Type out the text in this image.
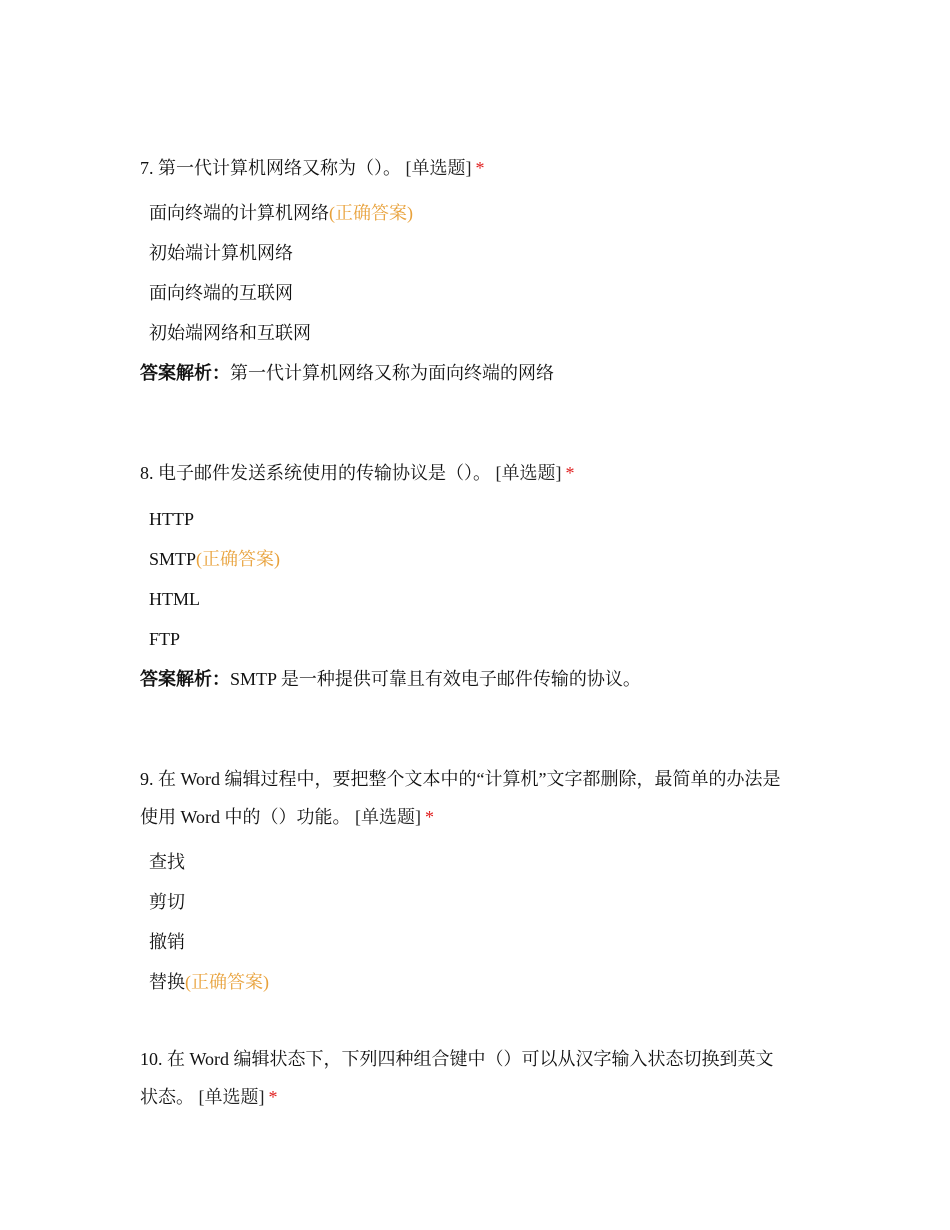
7. 第一代计算机网络又称为（）。 [单选题] *

面向终端的计算机网络(正确答案)
初始端计算机网络
面向终端的互联网
初始端网络和互联网
答案解析：第一代计算机网络又称为面向终端的网络

8. 电子邮件发送系统使用的传输协议是（）。 [单选题] *

HTTP
SMTP(正确答案)
HTML
FTP
答案解析：SMTP 是一种提供可靠且有效电子邮件传输的协议。

9. 在 Word 编辑过程中，要把整个文本中的“计算机”文字都删除，最简单的办法是
使用 Word 中的（）功能。 [单选题] *

查找
剪切
撤销
替换(正确答案)

10. 在 Word 编辑状态下，下列四种组合键中（）可以从汉字输入状态切换到英文
状态。 [单选题] *
